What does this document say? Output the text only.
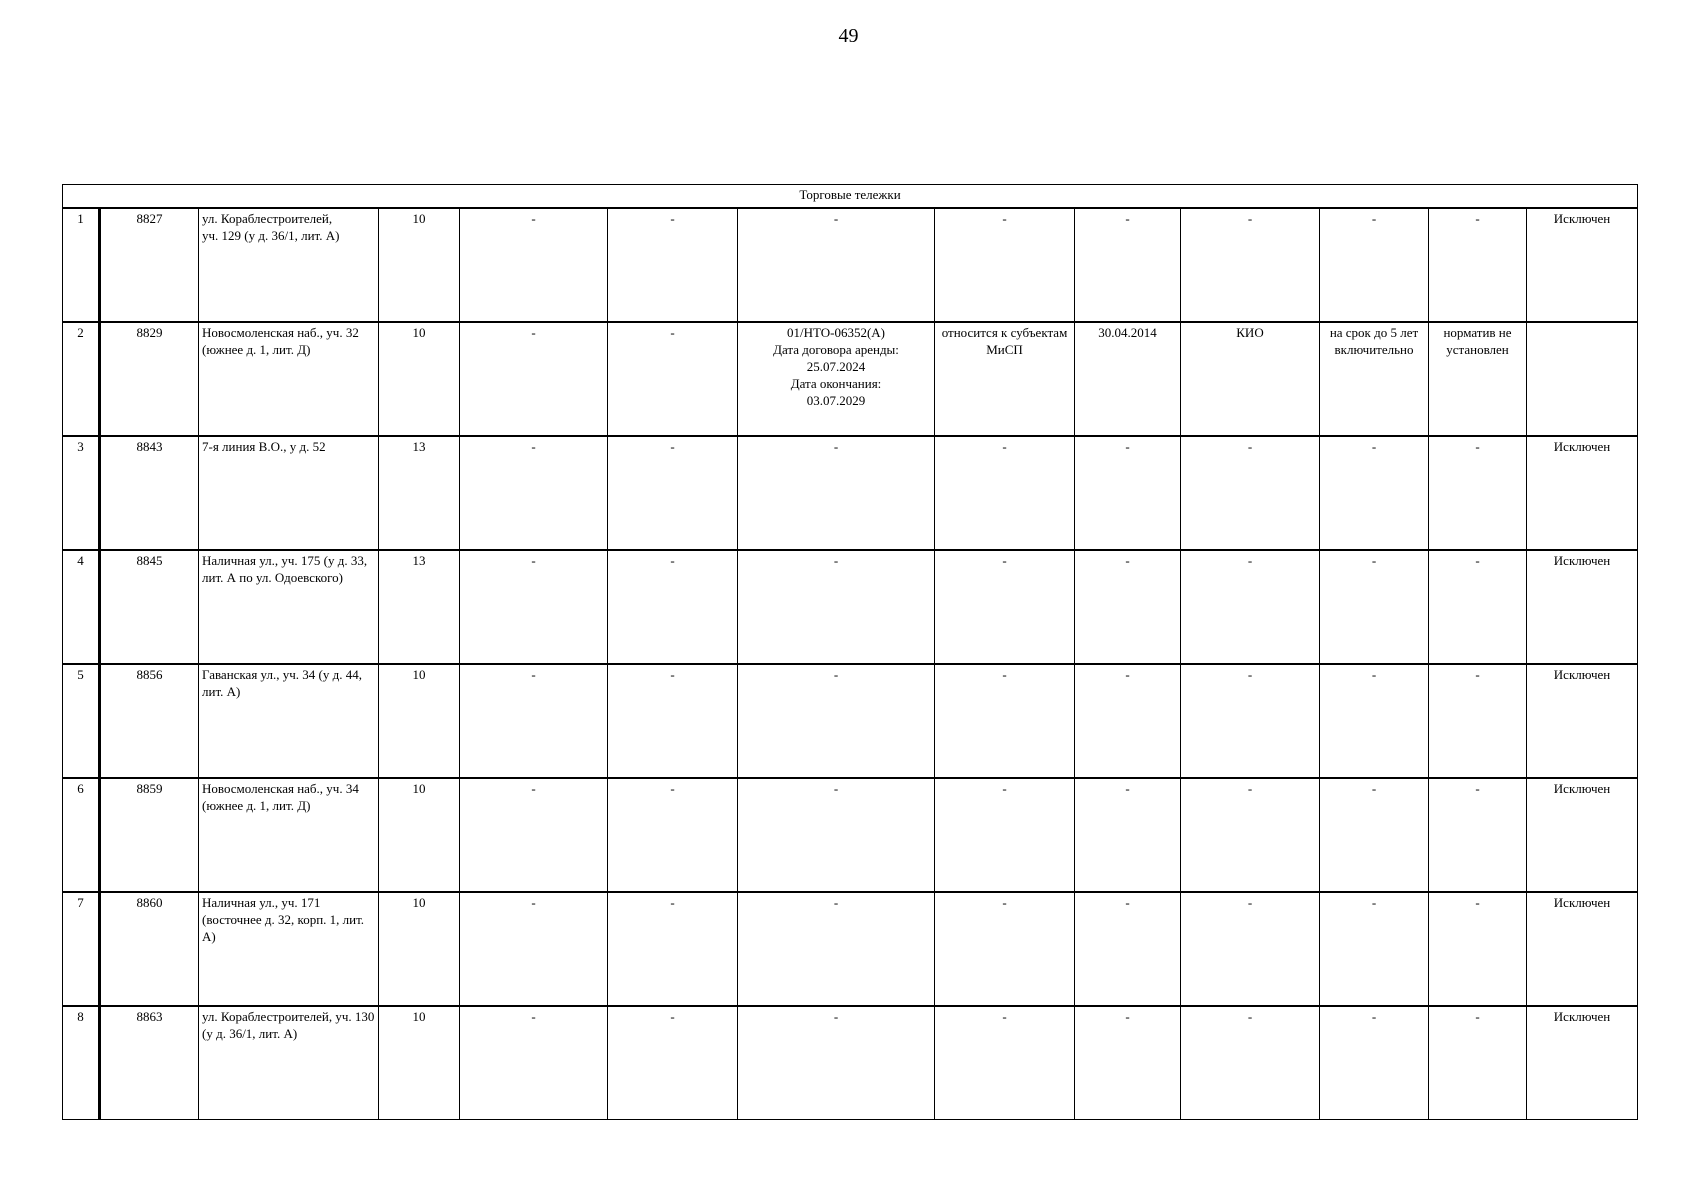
49
Торговые тележки												
1	8827	ул. Кораблестроителей,
уч. 129 (у д. 36/1, лит. А)	10	-	-	-	-	-	-	-	-	Исключен
2	8829	Новосмоленская наб., уч. 32 (южнее д. 1, лит. Д)	10	-	-	01/НТО-06352(А)
Дата договора аренды:
25.07.2024
Дата окончания:
03.07.2029	относится к субъектам МиСП	30.04.2014	КИО	на срок до 5 лет включительно	норматив не установлен	
3	8843	7-я линия В.О., у д. 52	13	-	-	-	-	-	-	-	-	Исключен
4	8845	Наличная ул., уч. 175 (у д. 33, лит. А по ул. Одоевского)	13	-	-	-	-	-	-	-	-	Исключен
5	8856	Гаванская ул., уч. 34 (у д. 44, лит. А)	10	-	-	-	-	-	-	-	-	Исключен
6	8859	Новосмоленская наб., уч. 34 (южнее д. 1, лит. Д)	10	-	-	-	-	-	-	-	-	Исключен
7	8860	Наличная ул., уч. 171 (восточнее д. 32, корп. 1, лит. А)	10	-	-	-	-	-	-	-	-	Исключен
8	8863	ул. Кораблестроителей, уч. 130 (у д. 36/1, лит. А)	10	-	-	-	-	-	-	-	-	Исключен
